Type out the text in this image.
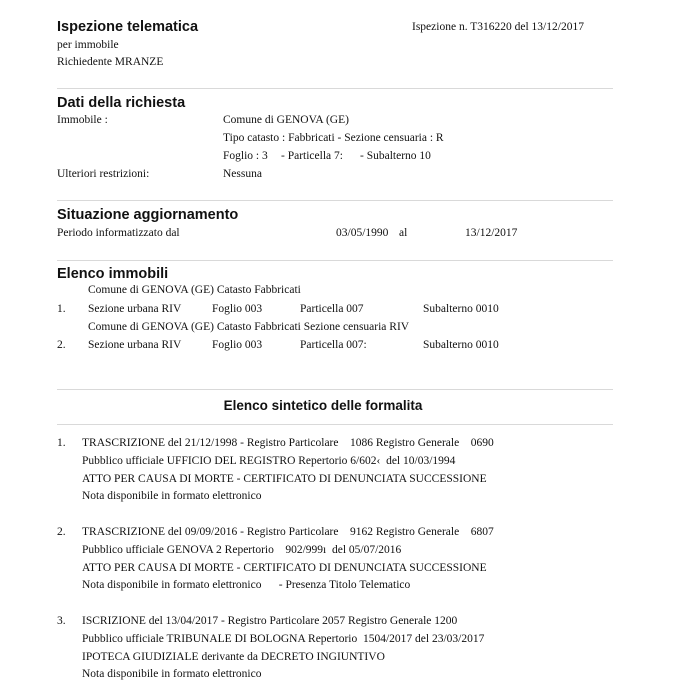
Ispezione telematica	Ispezione n. T316220 del 13/12/2017
per immobile
Richiedente MRANZE
Dati della richiesta
Immobile :	Comune di GENOVA (GE)
Tipo catasto : Fabbricati - Sezione censuaria : R
Foglio : 3 - Particella 7: - Subalterno 10
Ulteriori restrizioni:	Nessuna
Situazione aggiornamento
Periodo informatizzato dal	03/05/1990 al	13/12/2017
Elenco immobili
Comune di GENOVA (GE) Catasto Fabbricati
1. Sezione urbana RIV	Foglio 003	Particella 007	Subalterno 0010
Comune di GENOVA (GE) Catasto Fabbricati Sezione censuaria RIV
2. Sezione urbana RIV	Foglio 003	Particella 007:	Subalterno 0010
Elenco sintetico delle formalita
1. TRASCRIZIONE del 21/12/1998 - Registro Particolare    1086 Registro Generale    0690
Pubblico ufficiale UFFICIO DEL REGISTRO Repertorio 6/602‹  del 10/03/1994
ATTO PER CAUSA DI MORTE - CERTIFICATO DI DENUNCIATA SUCCESSIONE
Nota disponibile in formato elettronico
2. TRASCRIZIONE del 09/09/2016 - Registro Particolare    9162 Registro Generale    6807
Pubblico ufficiale GENOVA 2 Repertorio    902/999ı  del 05/07/2016
ATTO PER CAUSA DI MORTE - CERTIFICATO DI DENUNCIATA SUCCESSIONE
Nota disponibile in formato elettronico      - Presenza Titolo Telematico
3. ISCRIZIONE del 13/04/2017 - Registro Particolare 2057 Registro Generale 1200
Pubblico ufficiale TRIBUNALE DI BOLOGNA Repertorio  1504/2017 del 23/03/2017
IPOTECA GIUDIZIALE derivante da DECRETO INGIUNTIVO
Nota disponibile in formato elettronico
